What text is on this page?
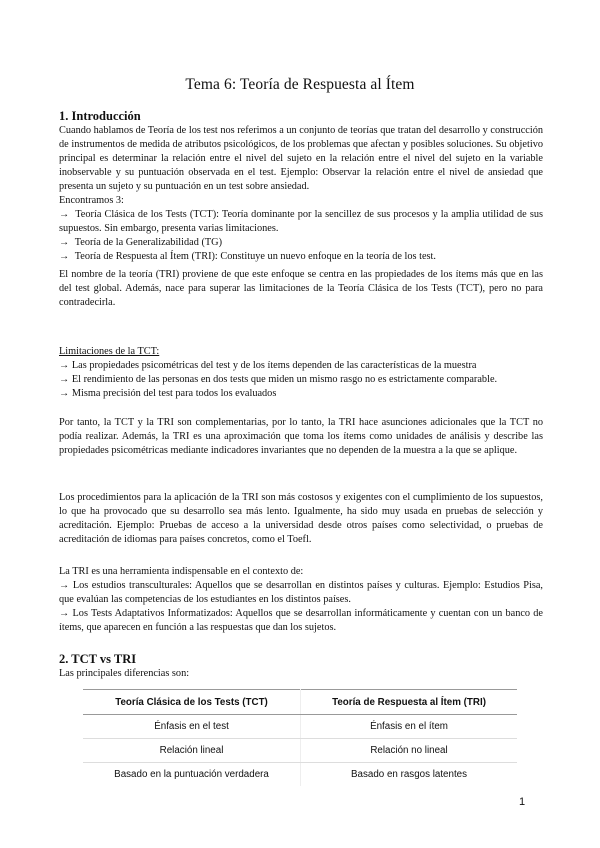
Tema 6: Teoría de Respuesta al Ítem
1. Introducción

Cuando hablamos de Teoría de los test nos referimos a un conjunto de teorías que tratan del desarrollo y construcción de instrumentos de medida de atributos psicológicos, de los problemas que afectan y posibles soluciones. Su objetivo principal es determinar la relación entre el nivel del sujeto en la relación entre el nivel del sujeto en la variable inobservable y su puntuación observada en el test. Ejemplo: Observar la relación entre el nivel de ansiedad que presenta un sujeto y su puntuación en un test sobre ansiedad.

Encontramos 3:

→ Teoría Clásica de los Tests (TCT): Teoría dominante por la sencillez de sus procesos y la amplia utilidad de sus supuestos. Sin embargo, presenta varias limitaciones.

→ Teoría de la Generalizabilidad (TG)

→ Teoría de Respuesta al Ítem (TRI): Constituye un nuevo enfoque en la teoría de los test.

El nombre de la teoría (TRI) proviene de que este enfoque se centra en las propiedades de los ítems más que en las del test global. Además, nace para superar las limitaciones de la Teoría Clásica de los Tests (TCT), pero no para contradecirla.

Limitaciones de la TCT:

→ Las propiedades psicométricas del test y de los ítems dependen de las características de la muestra

→ El rendimiento de las personas en dos tests que miden un mismo rasgo no es estrictamente comparable.

→ Misma precisión del test para todos los evaluados

Por tanto, la TCT y la TRI son complementarias, por lo tanto, la TRI hace asunciones adicionales que la TCT no podía realizar. Además, la TRI es una aproximación que toma los ítems como unidades de análisis y describe las propiedades psicométricas mediante indicadores invariantes que no dependen de la muestra a la que se aplique.
Los procedimientos para la aplicación de la TRI son más costosos y exigentes con el cumplimiento de los supuestos, lo que ha provocado que su desarrollo sea más lento. Igualmente, ha sido muy usada en pruebas de selección y acreditación. Ejemplo: Pruebas de acceso a la universidad desde otros países como selectividad, o pruebas de acreditación de idiomas para países concretos, como el Toefl.

La TRI es una herramienta indispensable en el contexto de:

→ Los estudios transculturales: Aquellos que se desarrollan en distintos países y culturas. Ejemplo: Estudios Pisa, que evalúan las competencias de los estudiantes en los distintos países.

→ Los Tests Adaptativos Informatizados: Aquellos que se desarrollan informáticamente y cuentan con un banco de ítems, que aparecen en función a las respuestas que dan los sujetos.

2. TCT vs TRI
Las principales diferencias son:
Teoría Clásica de los Tests (TCT)	Teoría de Respuesta al Ítem (TRI)
Énfasis en el test	Énfasis en el ítem
Relación lineal	Relación no lineal
Basado en la puntuación verdadera	Basado en rasgos latentes
1
